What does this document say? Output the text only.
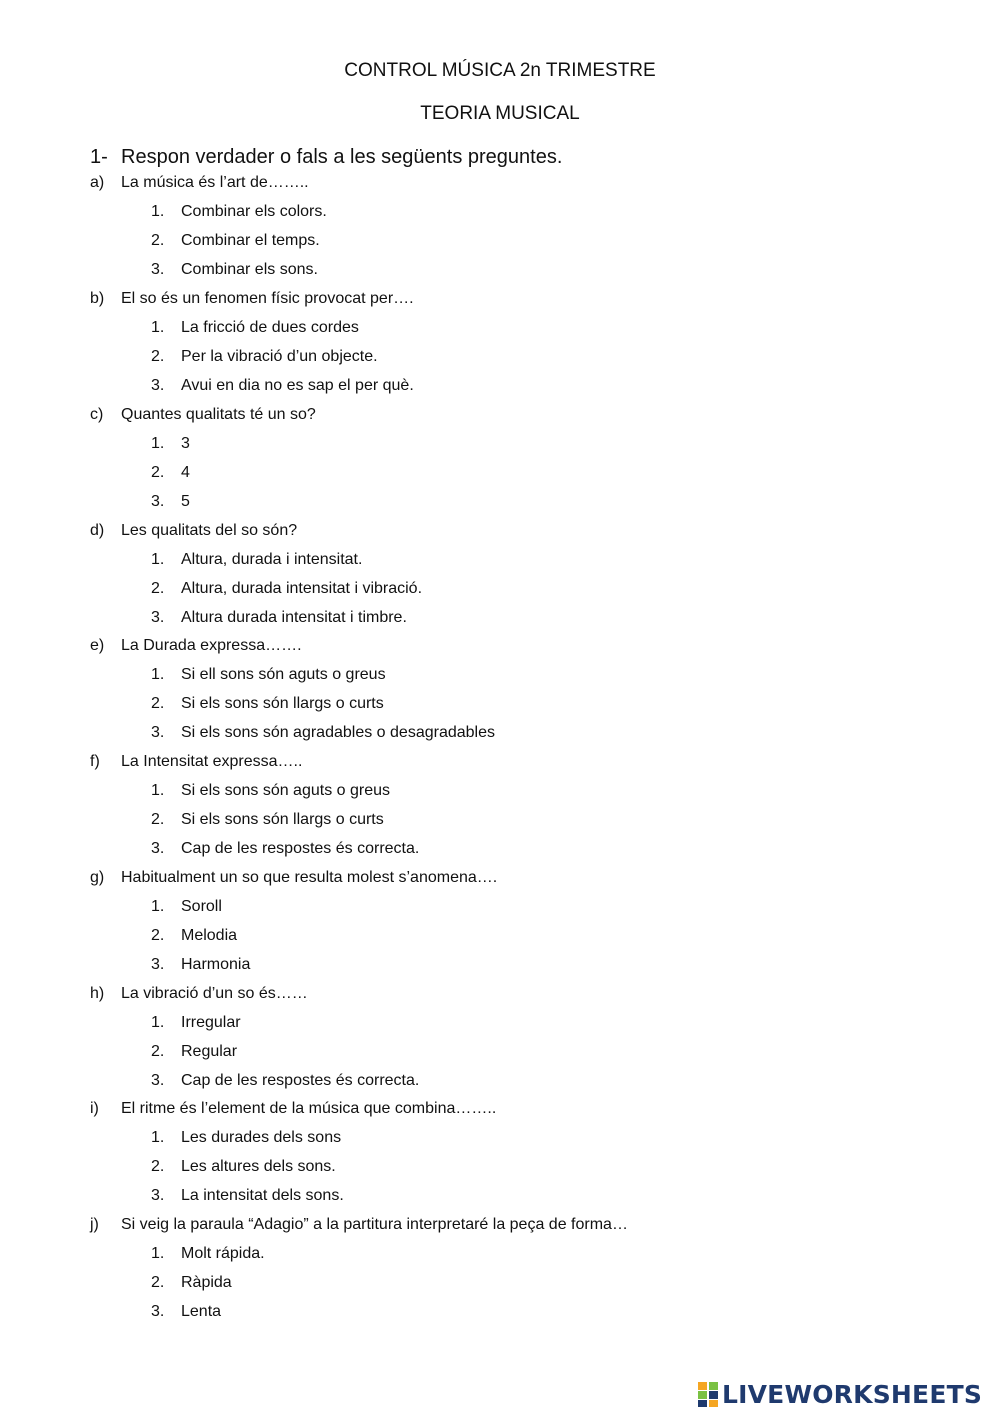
CONTROL MÚSICA 2n TRIMESTRE
TEORIA MUSICAL
1- Respon verdader o fals a les següents preguntes.
a) La música és l’art de……..
1. Combinar els colors.
2. Combinar el temps.
3. Combinar els sons.
b) El so és un fenomen físic provocat per….
1. La fricció de dues cordes
2. Per la vibració d’un objecte.
3. Avui en dia no es sap el per què.
c) Quantes qualitats té un so?
1. 3
2. 4
3. 5
d) Les qualitats del so són?
1. Altura, durada i intensitat.
2. Altura, durada intensitat i vibració.
3. Altura durada intensitat i timbre.
e) La Durada expressa…….
1. Si ell sons són aguts o greus
2. Si els sons són llargs o curts
3. Si els sons són agradables o desagradables
f) La Intensitat expressa…..
1. Si els sons són aguts o greus
2. Si els sons són llargs o curts
3. Cap de les respostes és correcta.
g) Habitualment un so que resulta molest s’anomena….
1. Soroll
2. Melodia
3. Harmonia
h) La vibració d’un so és……
1. Irregular
2. Regular
3. Cap de les respostes és correcta.
i) El ritme és l’element de la música que combina……..
1. Les durades dels sons
2. Les altures dels sons.
3. La intensitat dels sons.
j) Si veig la paraula “Adagio” a la partitura interpretaré la peça de forma…
1. Molt rápida.
2. Ràpida
3. Lenta
LIVEWORKSHEETS
